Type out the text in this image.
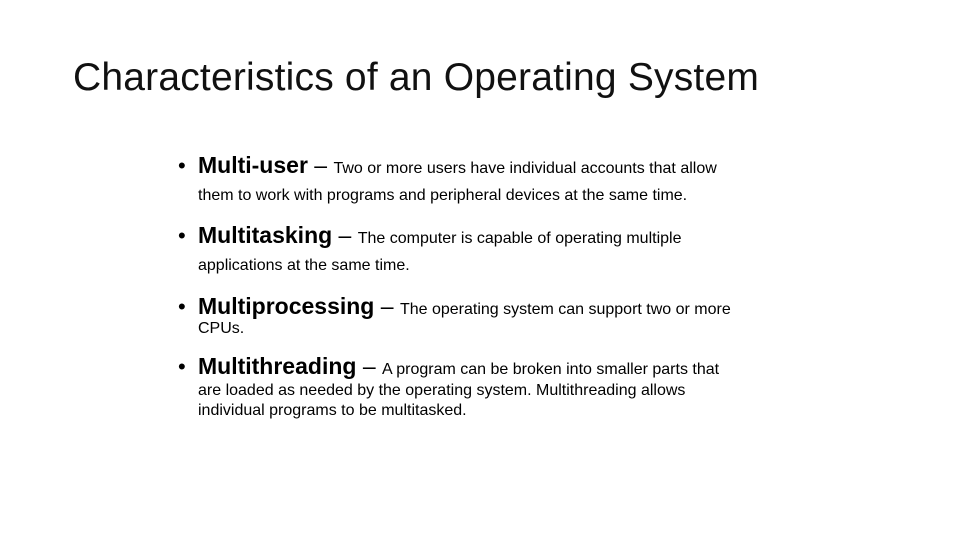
Characteristics of an Operating System
• Multi-user – Two or more users have individual accounts that allow
them to work with programs and peripheral devices at the same time.
• Multitasking – The computer is capable of operating multiple
applications at the same time.
• Multiprocessing – The operating system can support two or more
CPUs.
• Multithreading – A program can be broken into smaller parts that
are loaded as needed by the operating system. Multithreading allows
individual programs to be multitasked.
